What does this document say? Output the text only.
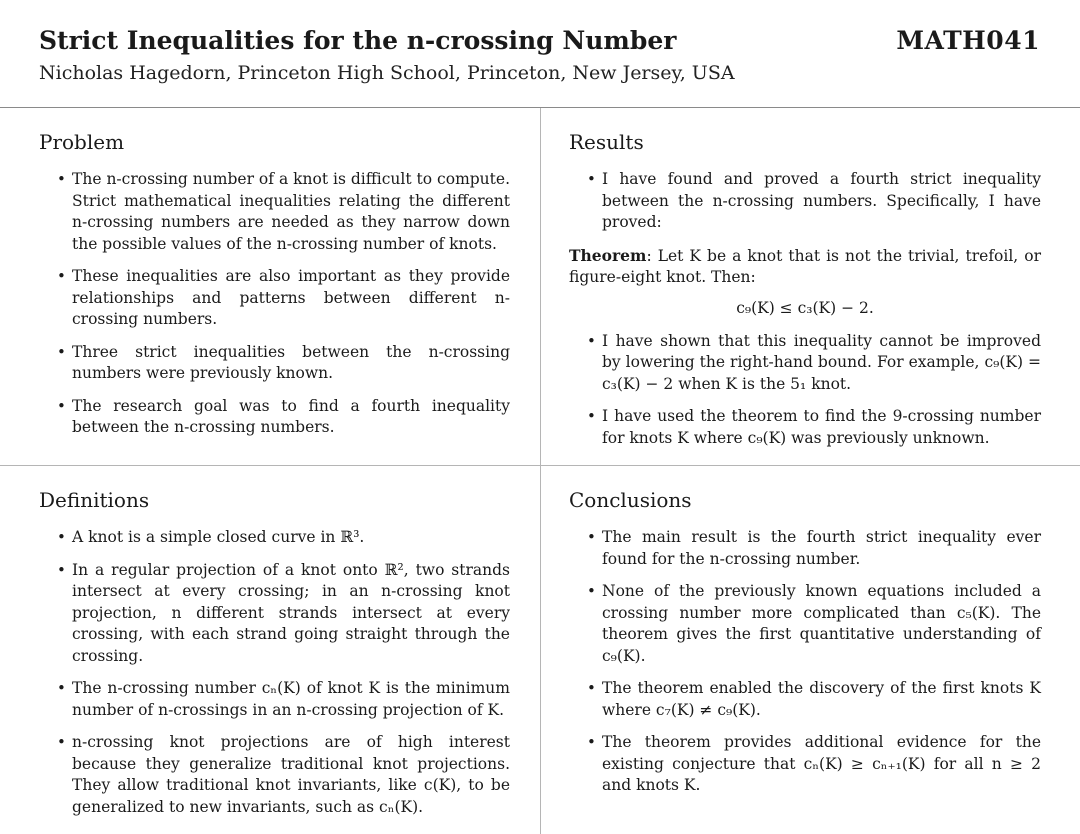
Strict Inequalities for the n-crossing Number	MATH041
Nicholas Hagedorn, Princeton High School, Princeton, New Jersey, USA
Problem
• The n-crossing number of a knot is difficult to compute. Strict mathematical inequalities relating the different n-crossing numbers are needed as they narrow down the possible values of the n-crossing number of knots.
• These inequalities are also important as they provide relationships and patterns between different n-crossing numbers.
• Three strict inequalities between the n-crossing numbers were previously known.
• The research goal was to find a fourth inequality between the n-crossing numbers.
Results
• I have found and proved a fourth strict inequality between the n-crossing numbers. Specifically, I have proved:
Theorem: Let K be a knot that is not the trivial, trefoil, or figure-eight knot. Then:
c₉(K) ≤ c₃(K) − 2.
• I have shown that this inequality cannot be improved by lowering the right-hand bound. For example, c₉(K) = c₃(K) − 2 when K is the 5₁ knot.
• I have used the theorem to find the 9-crossing number for knots K where c₉(K) was previously unknown.
Definitions
• A knot is a simple closed curve in ℝ³.
• In a regular projection of a knot onto ℝ², two strands intersect at every crossing; in an n-crossing knot projection, n different strands intersect at every crossing, with each strand going straight through the crossing.
• The n-crossing number cₙ(K) of knot K is the minimum number of n-crossings in an n-crossing projection of K.
• n-crossing knot projections are of high interest because they generalize traditional knot projections. They allow traditional knot invariants, like c(K), to be generalized to new invariants, such as cₙ(K).
Conclusions
• The main result is the fourth strict inequality ever found for the n-crossing number.
• None of the previously known equations included a crossing number more complicated than c₅(K). The theorem gives the first quantitative understanding of c₉(K).
• The theorem enabled the discovery of the first knots K where c₇(K) ≠ c₉(K).
• The theorem provides additional evidence for the existing conjecture that cₙ(K) ≥ cₙ₊₁(K) for all n ≥ 2 and knots K.
